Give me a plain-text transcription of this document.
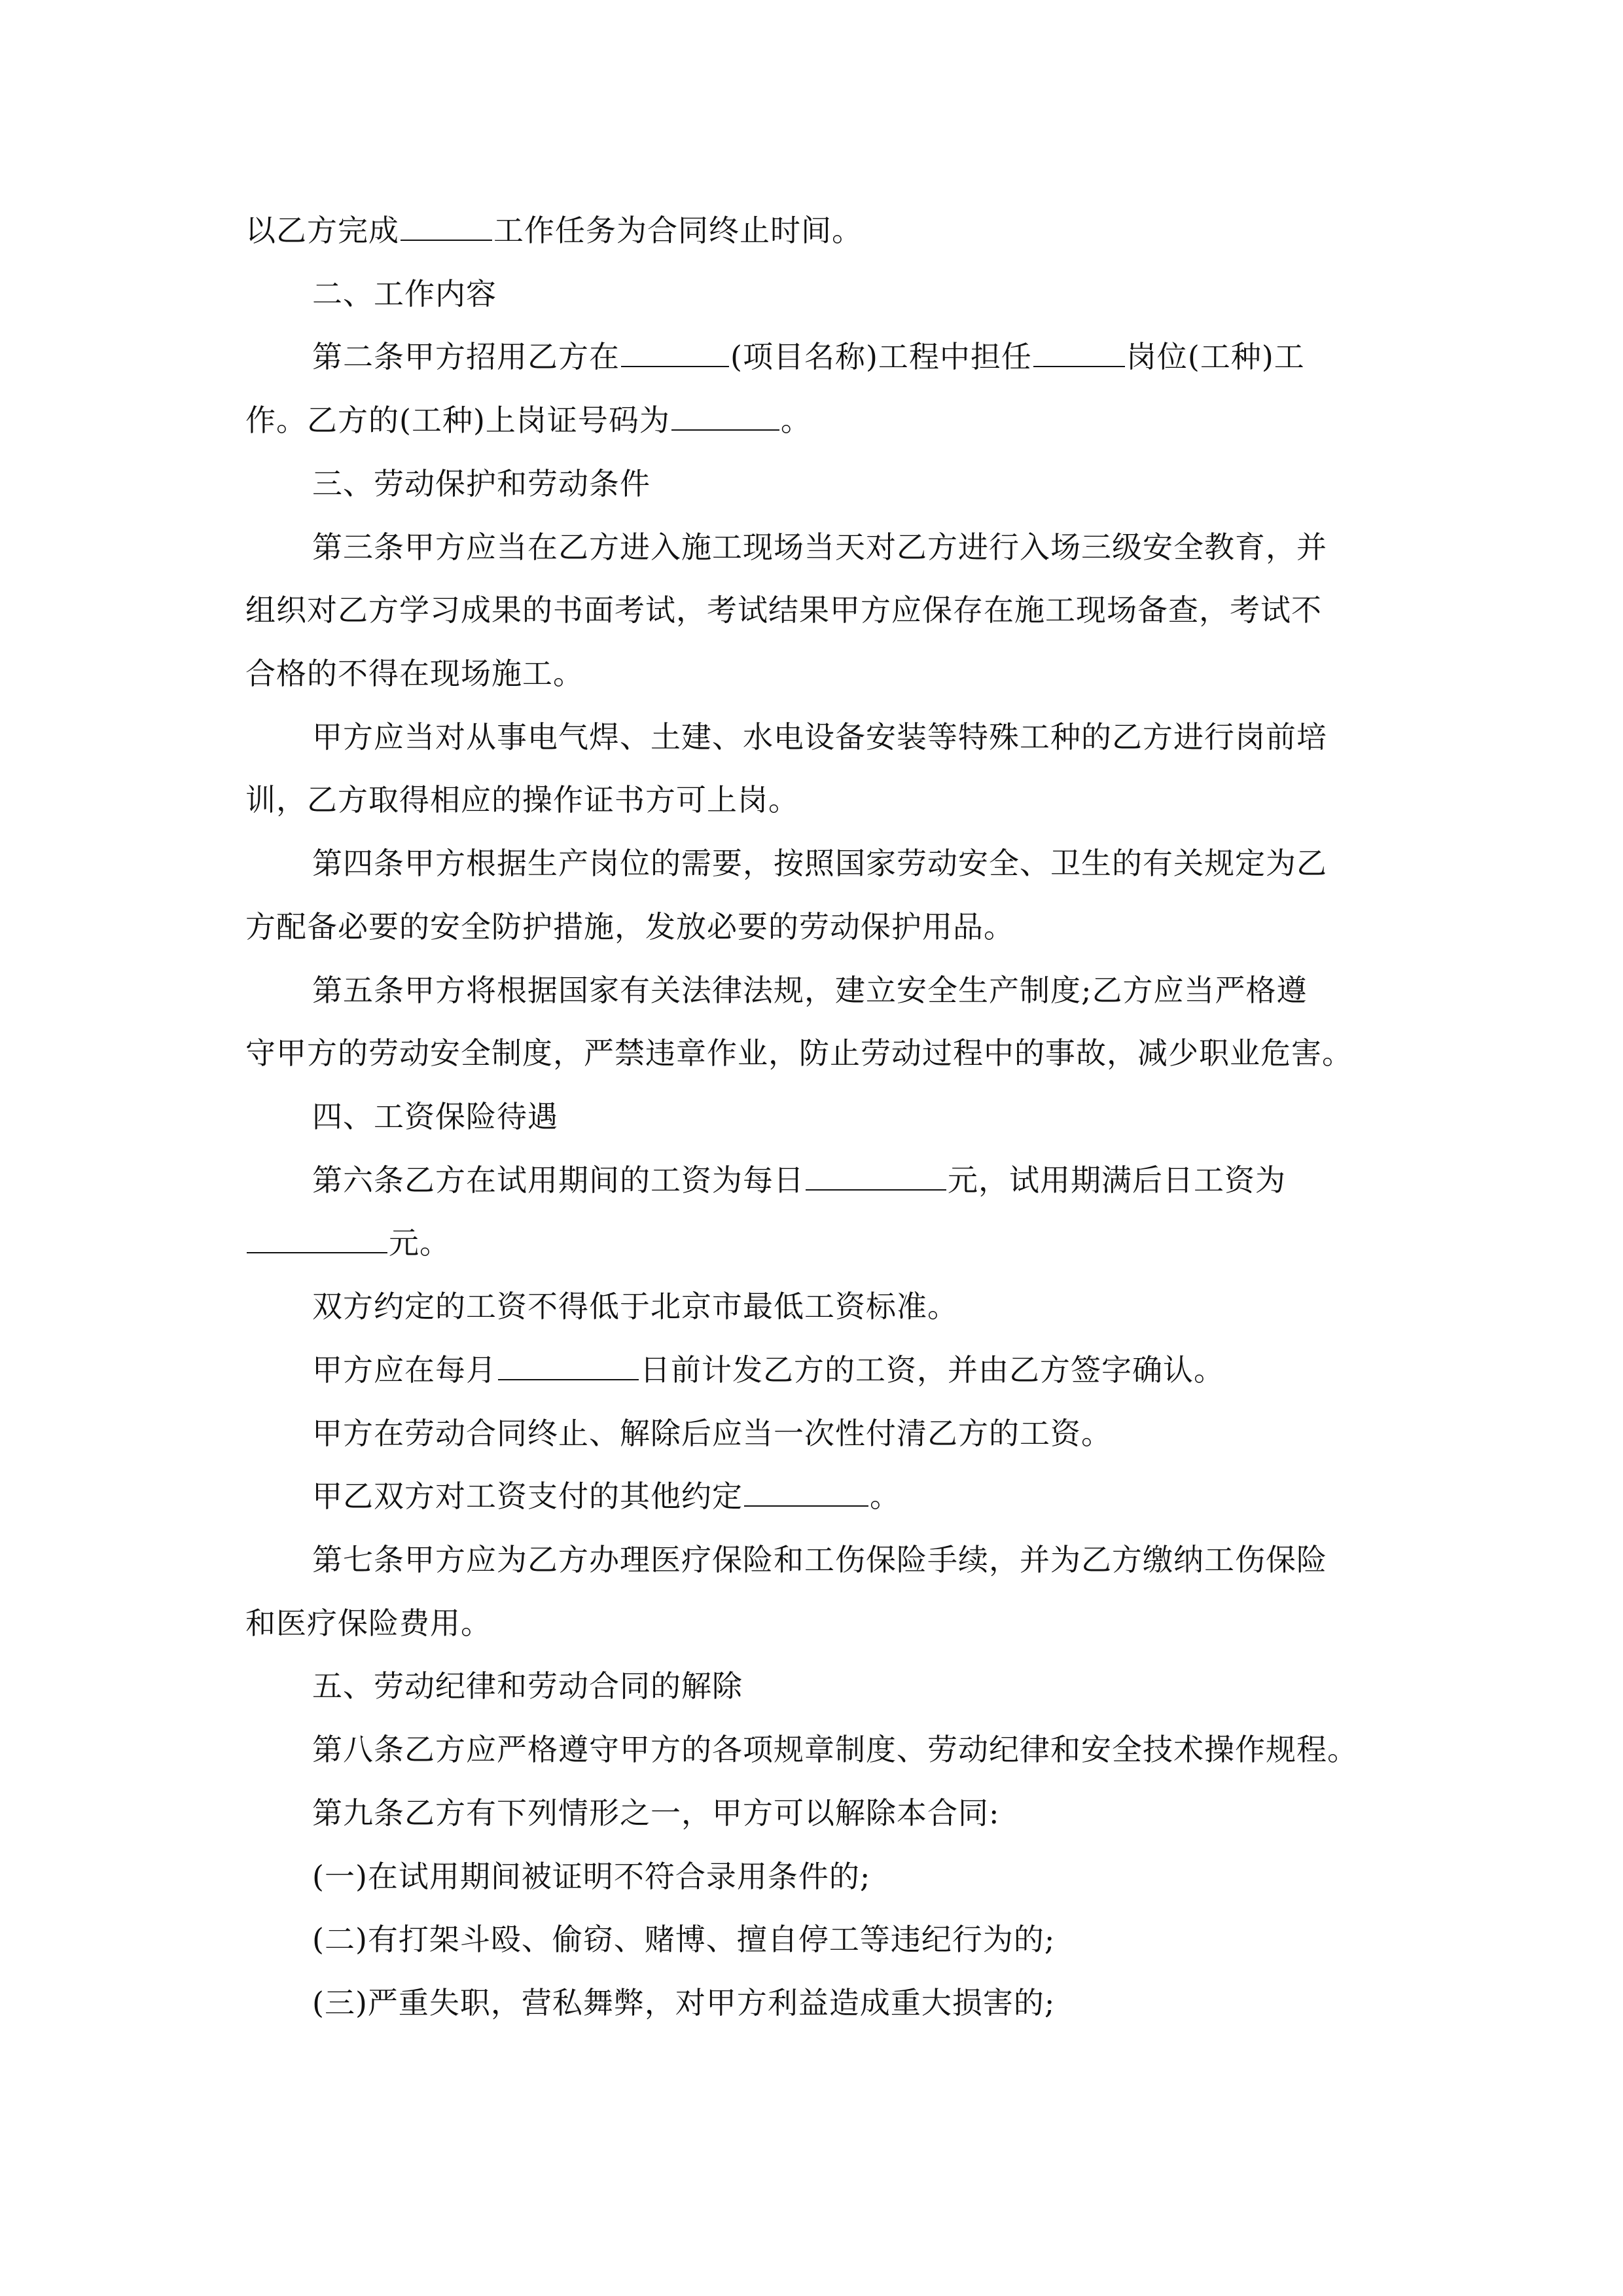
以乙方完成	工作任务为合同终止时间。
二、工作内容
第二条甲方招用乙方在	(项目名称)工程中担任	岗位(工种)工
作。乙方的(工种)上岗证号码为	。
三、劳动保护和劳动条件
第三条甲方应当在乙方进入施工现场当天对乙方进行入场三级安全教育，并
组织对乙方学习成果的书面考试，考试结果甲方应保存在施工现场备查，考试不
合格的不得在现场施工。
甲方应当对从事电气焊、土建、水电设备安装等特殊工种的乙方进行岗前培
训，乙方取得相应的操作证书方可上岗。
第四条甲方根据生产岗位的需要，按照国家劳动安全、卫生的有关规定为乙
方配备必要的安全防护措施，发放必要的劳动保护用品。
第五条甲方将根据国家有关法律法规，建立安全生产制度;乙方应当严格遵
守甲方的劳动安全制度，严禁违章作业，防止劳动过程中的事故，减少职业危害。
四、工资保险待遇
第六条乙方在试用期间的工资为每日	元，试用期满后日工资为
元。
双方约定的工资不得低于北京市最低工资标准。
甲方应在每月	日前计发乙方的工资，并由乙方签字确认。
甲方在劳动合同终止、解除后应当一次性付清乙方的工资。
甲乙双方对工资支付的其他约定	。
第七条甲方应为乙方办理医疗保险和工伤保险手续，并为乙方缴纳工伤保险
和医疗保险费用。
五、劳动纪律和劳动合同的解除
第八条乙方应严格遵守甲方的各项规章制度、劳动纪律和安全技术操作规程。
第九条乙方有下列情形之一，甲方可以解除本合同:
(一)在试用期间被证明不符合录用条件的;
(二)有打架斗殴、偷窃、赌博、擅自停工等违纪行为的;
(三)严重失职，营私舞弊，对甲方利益造成重大损害的;
